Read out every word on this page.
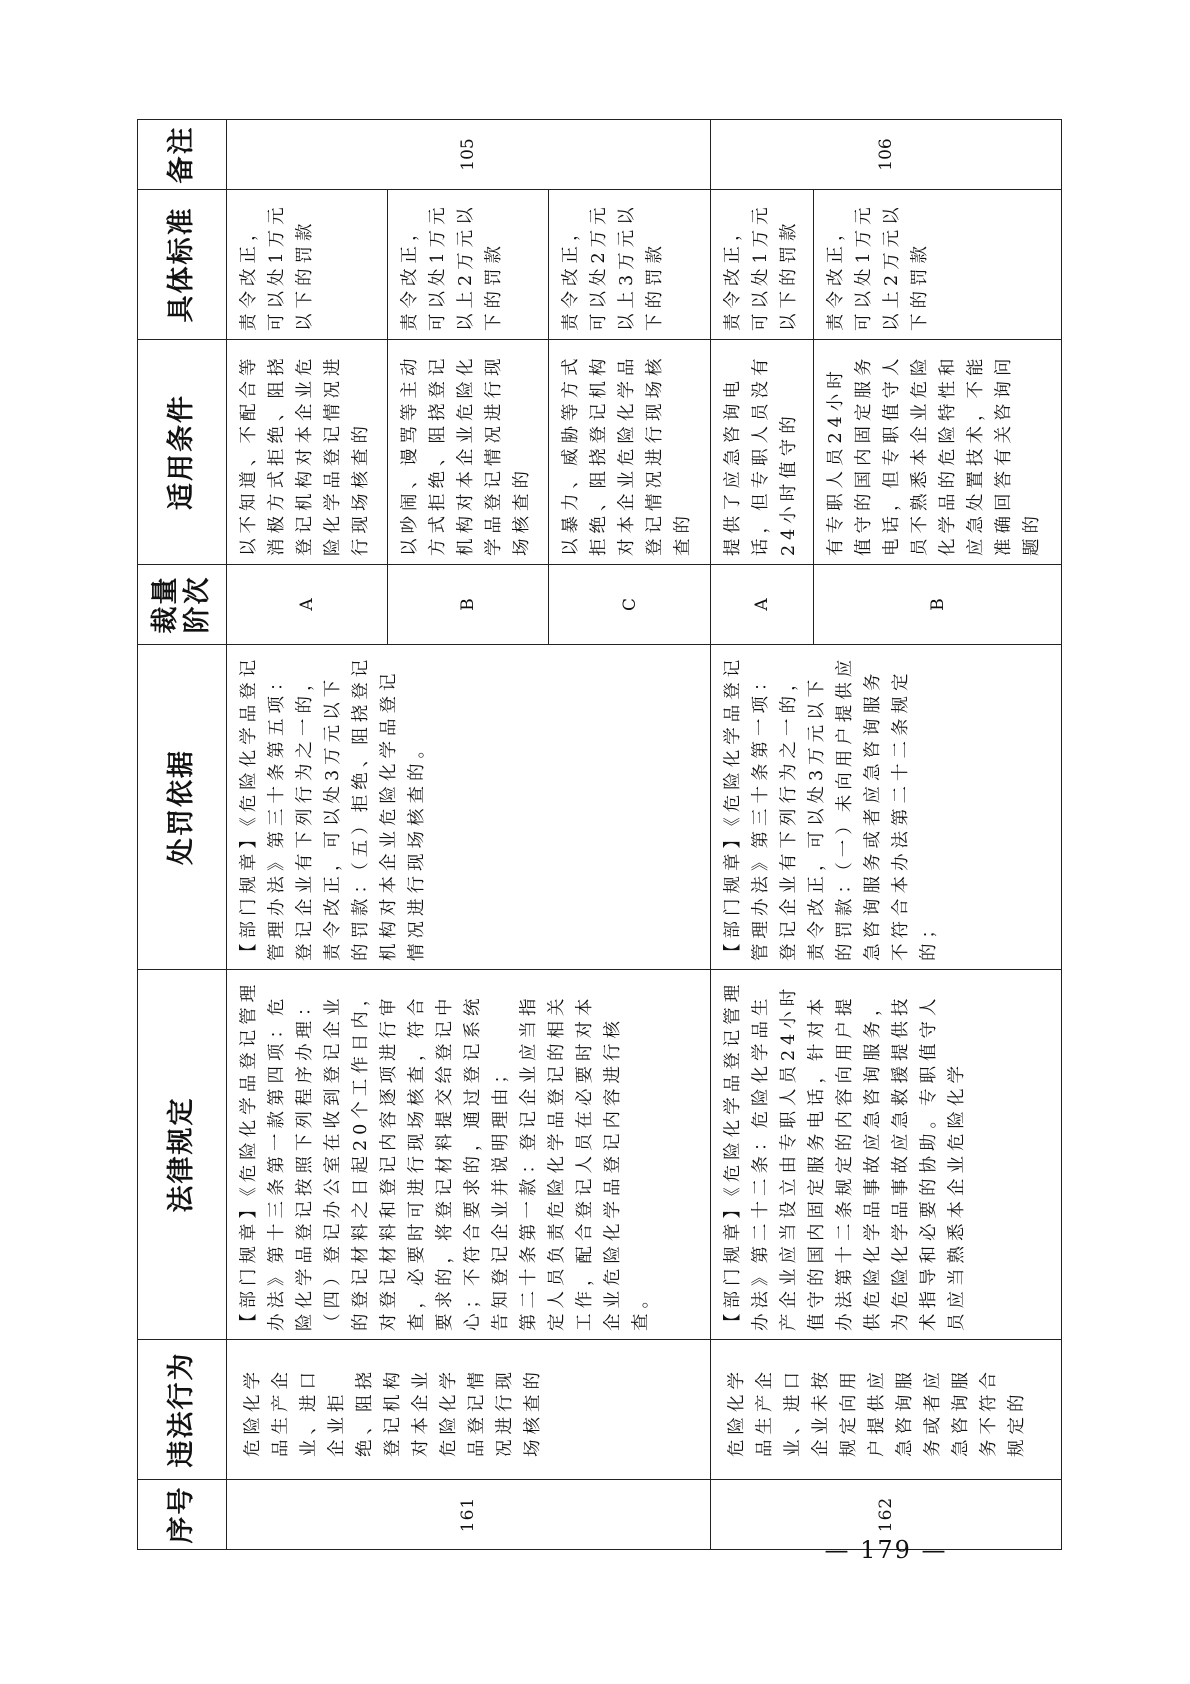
序号	违法行为	法律规定	处罚依据	裁量阶次	适用条件	具体标准	备注
161	危险化学品生产企业、进口企业拒绝、阻挠登记机构对本企业危险化学品登记情况进行现场核查的	【部门规章】《危险化学品登记管理办法》第十三条第一款第四项：危险化学品登记按照下列程序办理：（四）登记办公室在收到登记企业的登记材料之日起20个工作日内，对登记材料和登记内容逐项进行审查，必要时可进行现场核查，符合要求的，将登记材料提交给登记中心；不符合要求的，通过登记系统告知登记企业并说明理由； 第二十条第一款：登记企业应当指定人员负责危险化学品登记的相关工作，配合登记人员在必要时对本企业危险化学品登记内容进行核查。	【部门规章】《危险化学品登记管理办法》第三十条第五项：登记企业有下列行为之一的，责令改正，可以处3万元以下的罚款：（五）拒绝、阻挠登记机构对本企业危险化学品登记情况进行现场核查的。	A	以不知道、不配合等消极方式拒绝、阻挠登记机构对本企业危险化学品登记情况进行现场核查的	责令改正，可以处1万元以下的罚款	105
				B	以吵闹、谩骂等主动方式拒绝、阻挠登记机构对本企业危险化学品登记情况进行现场核查的	责令改正，可以处1万元以上2万元以下的罚款	
				C	以暴力、威胁等方式拒绝、阻挠登记机构对本企业危险化学品登记情况进行现场核查的	责令改正，可以处2万元以上3万元以下的罚款	
162	危险化学品生产企业、进口企业未按规定向用户提供应急咨询服务或者应急咨询服务不符合规定的	【部门规章】《危险化学品登记管理办法》第二十二条：危险化学品生产企业应当设立由专职人员24小时值守的国内固定服务电话，针对本办法第十二条规定的内容向用户提供危险化学品事故应急咨询服务，为危险化学品事故应急救援提供技术指导和必要的协助。专职值守人员应当熟悉本企业危险化学	【部门规章】《危险化学品登记管理办法》第三十条第一项：登记企业有下列行为之一的，责令改正，可以处3万元以下的罚款：（一）未向用户提供应急咨询服务或者应急咨询服务不符合本办法第二十二条规定的；	A	提供了应急咨询电话，但专职人员没有24小时值守的	责令改正，可以处1万元以下的罚款	106
				B	有专职人员24小时值守的国内固定服务电话，但专职值守人员不熟悉本企业危险化学品的危险特性和应急处置技术，不能准确回答有关咨询问题的	责令改正，可以处1万元以上2万元以下的罚款	
— 179 —
